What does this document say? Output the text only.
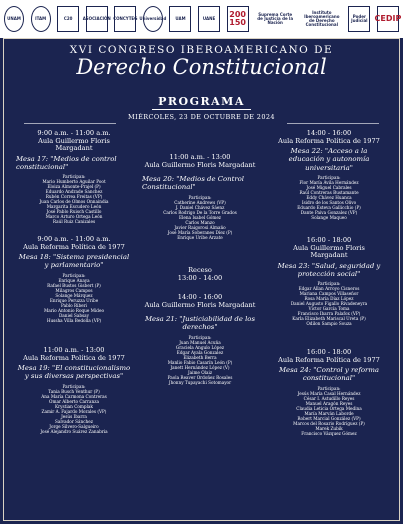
UNAM	ITAM	C20	ASOCIACIÓN CONCYTEG Universidad	UAM	UANE	200 150
Suprema Corte de Justicia de la Nación
Instituto Iberoamericano de Derecho Constitucional
Poder Judicial CEDIP
XVI CONGRESO IBEROAMERICANO DE
Derecho Constitucional
PROGRAMA
MIÉRCOLES, 23 DE OCTUBRE DE 2024
9:00 a.m. - 11:00 a.m.
Aula Guillermo Floris
Margadant
Mesa 17: "Medios de control
constitucional"
Participan:
Mario Humberto Aguilar Poot
Eloiza Almonte-Prajel (P)
Eduardo Andrade Sanchez
Rubén Correa Freitas (VP)
Juan Carlos de Olmos Onnaindia
Margarita Escudero León
José Pablo Ruisch Castillo
Marco Arturo Ortega León
Raúl Ruiz Canizales
9:00 a.m. - 11:00 a.m.
Aula Reforma Política de 1977
Mesa 18: "Sistema presidencial
y parlamentario"
Participan:
Enrique Anaya
Rafael Bustos Gisbert (P)
Milagros Campos
Solange Márquez
Enrique Peruzza Uribe
Pablo Riberi
Mario Antonio Roque Mideo
Daniel Sabsay
Hussha Villa Bedolla (VP)
11:00 a.m. - 13:00
Aula Reforma Política de 1977
Mesa 19: "El constitucionalismo
y sus diversas perspectivas"
Participan:
Tania Busch Venthur (P)
Ana María Carmona Contreras
Omar Alberto Carranza
Krystian Complak
Zamir A. Fajardo Morales (VP)
Jesús Ibarra
Salvador Sánchez
Jorge Silvero-Salgueiro
José Alejandro Suárez Zanabria
11:00 a.m. - 13:00
Aula Guillermo Floris Margadant
Mesa 20: "Medios de Control
Constitucional"
Participan:
Catherine Andrews (VP)
J. Daniel Chávez Sáenz
Carlos Rodrigo De la Torre Grados
Elena Isabel Gómez
Carlos Manzo
Javier Raigorosi Almaño
José María Soberanes Díez (P)
Enrique Uribe Arzate
Receso
13:00 - 14:00
14:00 - 16:00
Aula Guillermo Floris Margadant
Mesa 21: "Justiciabilidad de los
derechos"
Participan:
Juan Manuel Acuña
Graciela Angulo López
Edgar Ayala Gonzalez
Elizabeth Berra
Manlio Fabio Casarín León (P)
Janett Hernández López (V)
Jaime Olaiz
Paola Reaver Ordoñez Rosales
Jhonny Tupayachi Sotomayor
14:00 - 16:00
Aula Reforma Política de 1977
Mesa 22: "Acceso a la
educación y autonomía
universitaria"
Participan:
Flor María Ávila Hernández
José Miguel Cabrales
Raúl Contreras Bustamante
Eddy Chávez Huanca
Isidro de los Santos Olivo
Eduardo Esteva Gallicchio (P)
Dante Paiva Gonzalez (VP)
Solange Maqueo
16:00 - 18:00
Aula Guillermo Floris
Margadant
Mesa 23: "Salud, seguridad y
protección social"
Participan:
Edgar Allan Arroyo Cisneros
Mariana Campos Villaseñor
Rosa María Díaz López
Daniel Augusto Figallo Rivadeneyra
Víctor García Toma
Francisco Ibarra Palafox (VP)
Karla Elizabeth Mariscal Ureta (P)
Odilon Sampio Souza
16:00 - 18:00
Aula Reforma Política de 1977
Mesa 24: "Control y reforma
constitucional"
Participan:
Jesús María Casal Hernández
César I. Astudillo Reyes
Manuel Aragón Reyes
Claudia Leticia Ortega Medina
María Marván Laborde
Robert Marcial González (VP)
Marcos del Rosario Rodríguez (P)
Marek Zubik
Francisco Vázquez Gómez
